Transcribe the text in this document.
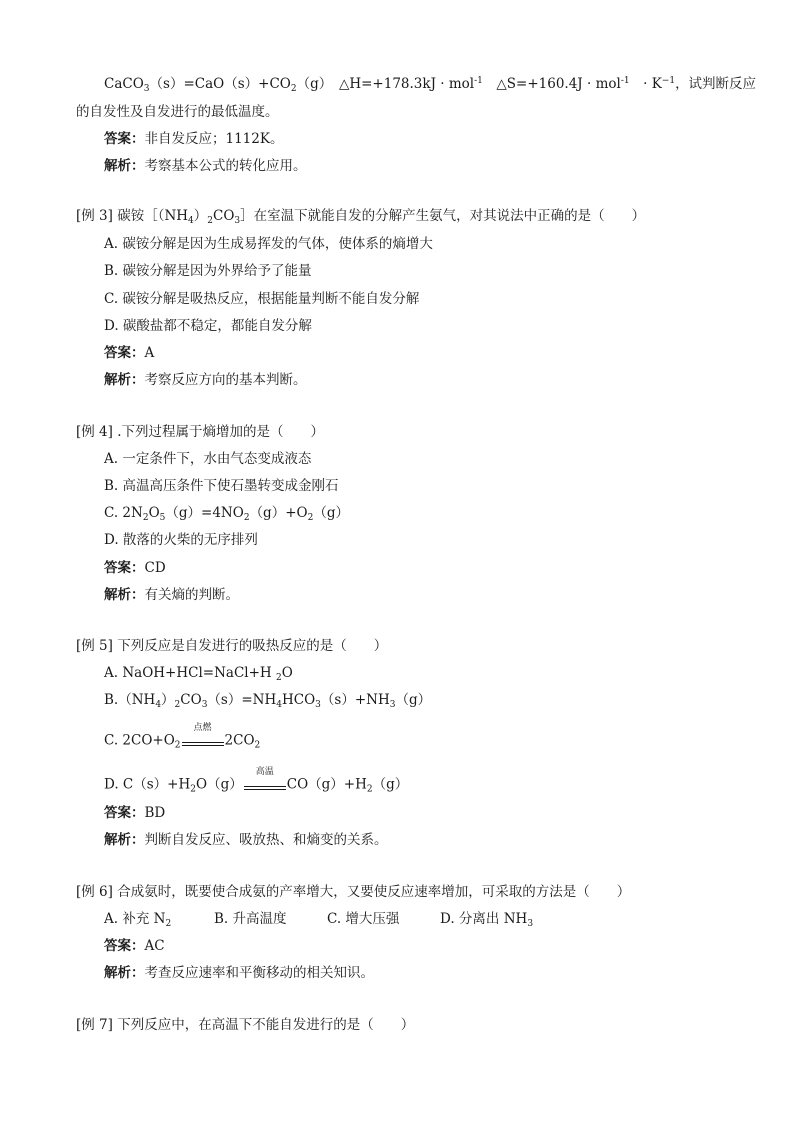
$CaCO_3(s)=CaO(s)+CO_2(g)$　△H=+178.3kJ · mol$^{-1}$　△S=+160.4J · mol$^{-1}$　· $K^{-1}$，试判断反应
的自发性及自发进行的最低温度。
答案：非自发反应；1112K。
解析：考察基本公式的转化应用。
[例 3] 碳铵$[(NH_4)_2CO_3]$在室温下就能自发的分解产生氨气，对其说法中正确的是（　　）
A. 碳铵分解是因为生成易挥发的气体，使体系的熵增大
B. 碳铵分解是因为外界给予了能量
C. 碳铵分解是吸热反应，根据能量判断不能自发分解
D. 碳酸盐都不稳定，都能自发分解
答案：A
解析：考察反应方向的基本判断。
[例 4] .下列过程属于熵增加的是（　　）
A. 一定条件下，水由气态变成液态
B. 高温高压条件下使石墨转变成金刚石
C. $2N_2O_5(g)=4NO_2(g)+O_2(g)$
D. 散落的火柴的无序排列
答案：CD
解析：有关熵的判断。
[例 5] 下列反应是自发进行的吸热反应的是（　　）
A. NaOH+HCl=NaCl+H $_2$O
$B.(NH_4)_2CO_3(s)=NH_4HCO_3(s)+NH_3(g)$
C. $2CO+O_2$
点燃
$2CO_2$
D. $C(s)+H_2O(g)$
高温
$CO(g)+H_2(g)$
答案：BD
解析：判断自发反应、吸放热、和熵变的关系。
[例 6] 合成氨时，既要使合成氨的产率增大，又要使反应速率增加，可采取的方法是（　　）
A. 补充 $N_2$	B. 升高温度	C. 增大压强	D. 分离出 $NH_3$
答案：AC
解析：考查反应速率和平衡移动的相关知识。
[例 7] 下列反应中，在高温下不能自发进行的是（　　）
